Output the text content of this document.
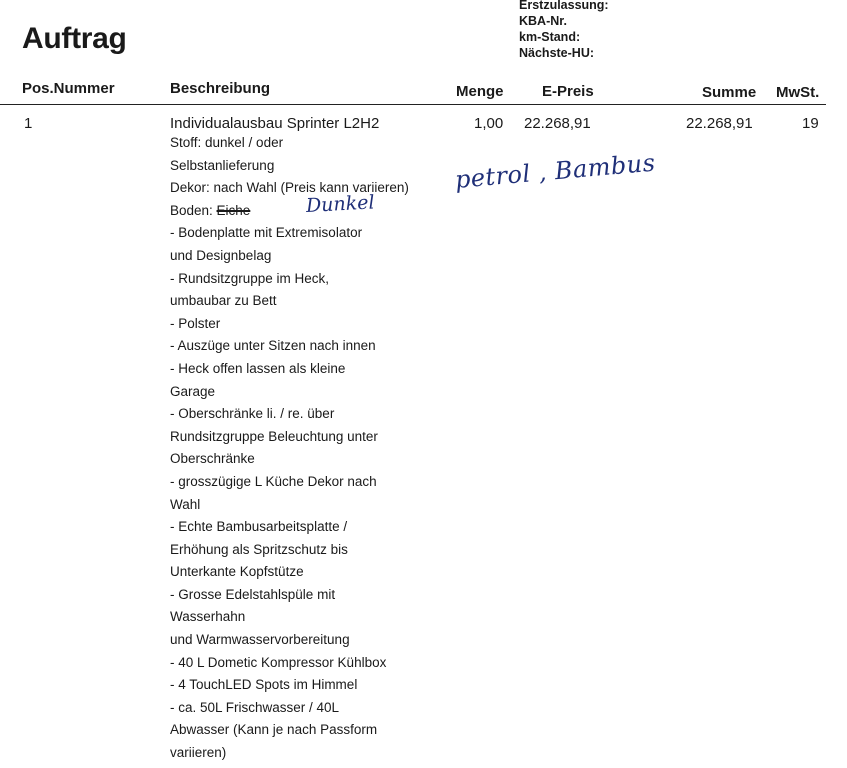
Auftrag
Erstzulassung:
KBA-Nr.
km-Stand:
Nächste-HU:
Pos.Nummer	Beschreibung	Menge	E-Preis	Summe MwSt.
1	Individualausbau Sprinter L2H2	1,00 22.268,91	22.268,91	19
Stoff: dunkel / oder
Selbstanlieferung
Dekor: nach Wahl (Preis kann variieren)
Boden: Eiche
- Bodenplatte mit Extremisolator
und Designbelag
- Rundsitzgruppe im Heck,
umbaubar zu Bett
- Polster
- Auszüge unter Sitzen nach innen
- Heck offen lassen als kleine
Garage
- Oberschränke li. / re. über
Rundsitzgruppe Beleuchtung unter
Oberschränke
- grosszügige L Küche Dekor nach
Wahl
- Echte Bambusarbeitsplatte /
Erhöhung als Spritzschutz bis
Unterkante Kopfstütze
- Grosse Edelstahlspüle mit
Wasserhahn
und Warmwasservorbereitung
- 40 L Dometic Kompressor Kühlbox
- 4 TouchLED Spots im Himmel
- ca. 50L Frischwasser / 40L
Abwasser (Kann je nach Passform
variieren)
petrol , Bambus
Dunkel
